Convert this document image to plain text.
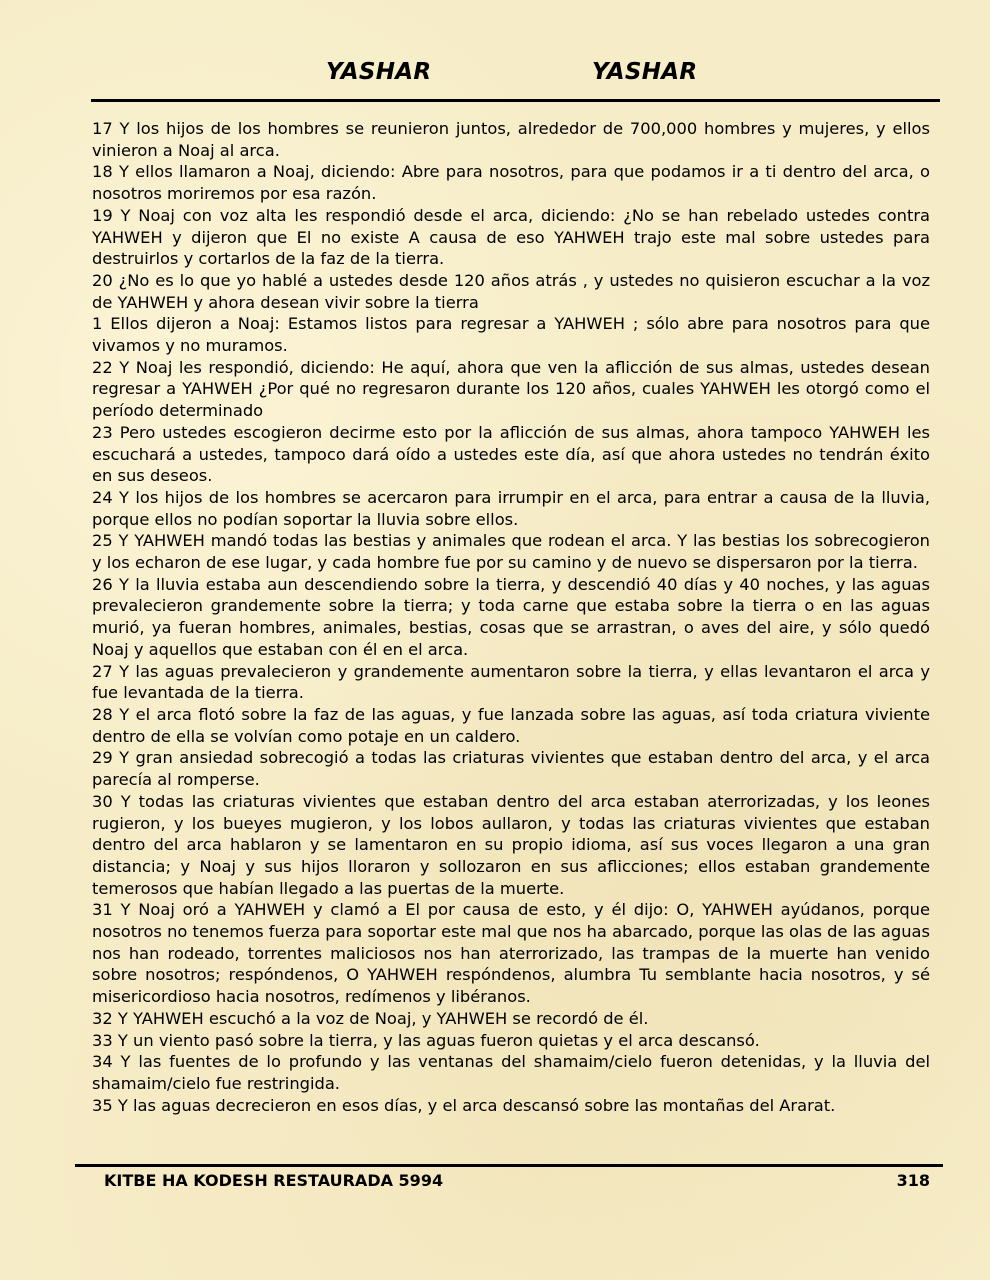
YASHAR	YASHAR

17 Y los hijos de los hombres se reunieron juntos, alrededor de 700,000 hombres y mujeres, y ellos vinieron a Noaj al arca.

18 Y ellos llamaron a Noaj, diciendo: Abre para nosotros, para que podamos ir a ti dentro del arca, o nosotros moriremos por esa razón.

19 Y Noaj con voz alta les respondió desde el arca, diciendo: ¿No se han rebelado ustedes contra YAHWEH y dijeron que El no existe A causa de eso YAHWEH trajo este mal sobre ustedes para destruirlos y cortarlos de la faz de la tierra.

20 ¿No es lo que yo hablé a ustedes desde 120 años atrás , y ustedes no quisieron escuchar a la voz de YAHWEH y ahora desean vivir sobre la tierra

1 Ellos dijeron a Noaj: Estamos listos para regresar a YAHWEH ; sólo abre para nosotros para que vivamos y no muramos.

22 Y Noaj les respondió, diciendo: He aquí, ahora que ven la aflicción de sus almas, ustedes desean regresar a YAHWEH ¿Por qué no regresaron durante los 120 años, cuales YAHWEH les otorgó como el período determinado

23 Pero ustedes escogieron decirme esto por la aflicción de sus almas, ahora tampoco YAHWEH les escuchará a ustedes, tampoco dará oído a ustedes este día, así que ahora ustedes no tendrán éxito en sus deseos.

24 Y los hijos de los hombres se acercaron para irrumpir en el arca, para entrar a causa de la lluvia, porque ellos no podían soportar la lluvia sobre ellos.

25 Y YAHWEH mandó todas las bestias y animales que rodean el arca. Y las bestias los sobrecogieron y los echaron de ese lugar, y cada hombre fue por su camino y de nuevo se dispersaron por la tierra.

26 Y la lluvia estaba aun descendiendo sobre la tierra, y descendió 40 días y 40 noches, y las aguas prevalecieron grandemente sobre la tierra; y toda carne que estaba sobre la tierra o en las aguas murió, ya fueran hombres, animales, bestias, cosas que se arrastran, o aves del aire, y sólo quedó Noaj y aquellos que estaban con él en el arca.

27 Y las aguas prevalecieron y grandemente aumentaron sobre la tierra, y ellas levantaron el arca y fue levantada de la tierra.

28 Y el arca flotó sobre la faz de las aguas, y fue lanzada sobre las aguas, así toda criatura viviente dentro de ella se volvían como potaje en un caldero.

29 Y gran ansiedad sobrecogió a todas las criaturas vivientes que estaban dentro del arca, y el arca parecía al romperse.

30 Y todas las criaturas vivientes que estaban dentro del arca estaban aterrorizadas, y los leones rugieron, y los bueyes mugieron, y los lobos aullaron, y todas las criaturas vivientes que estaban dentro del arca hablaron y se lamentaron en su propio idioma, así sus voces llegaron a una gran distancia; y Noaj y sus hijos lloraron y sollozaron en sus aflicciones; ellos estaban grandemente temerosos que habían llegado a las puertas de la muerte.

31 Y Noaj oró a YAHWEH y clamó a El por causa de esto, y él dijo: O, YAHWEH ayúdanos, porque nosotros no tenemos fuerza para soportar este mal que nos ha abarcado, porque las olas de las aguas nos han rodeado, torrentes maliciosos nos han aterrorizado, las trampas de la muerte han venido sobre nosotros; respóndenos, O YAHWEH respóndenos, alumbra Tu semblante hacia nosotros, y sé misericordioso hacia nosotros, redímenos y libéranos.

32 Y YAHWEH escuchó a la voz de Noaj, y YAHWEH se recordó de él.

33 Y un viento pasó sobre la tierra, y las aguas fueron quietas y el arca descansó.

34 Y las fuentes de lo profundo y las ventanas del shamaim/cielo fueron detenidas, y la lluvia del shamaim/cielo fue restringida.

35 Y las aguas decrecieron en esos días, y el arca descansó sobre las montañas del Ararat.

KITBE HA KODESH RESTAURADA 5994	318
